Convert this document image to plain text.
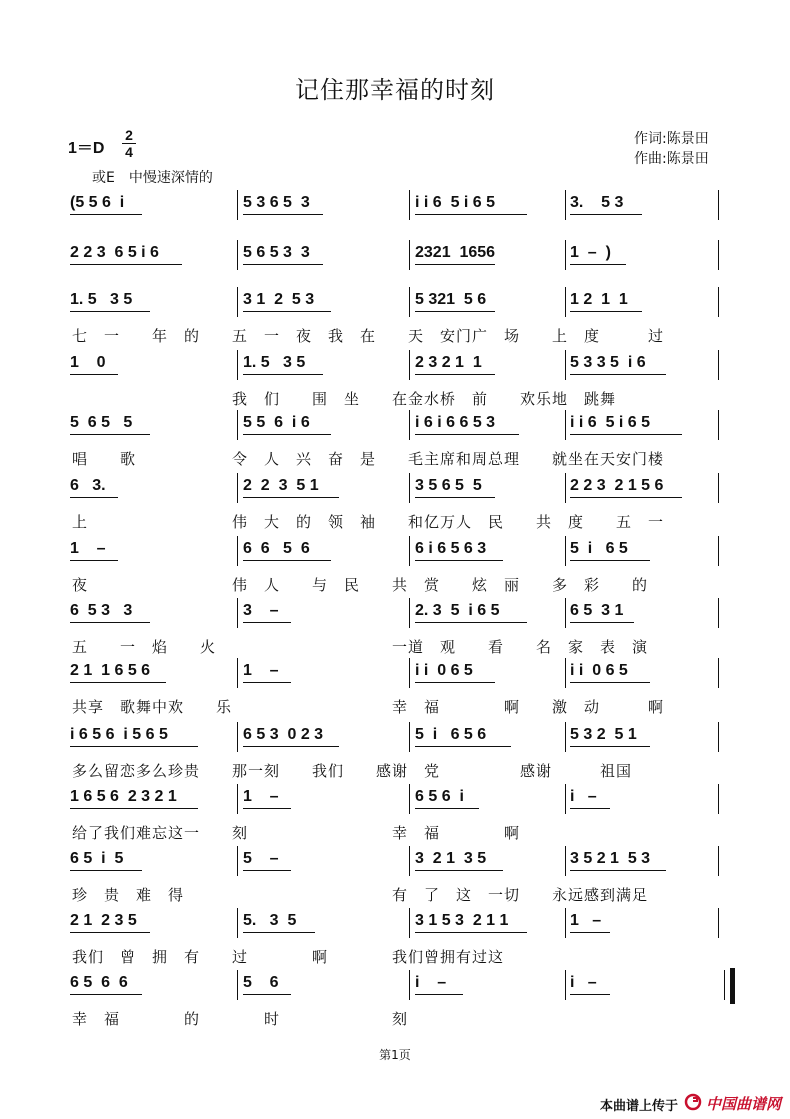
记住那幸福的时刻
1＝D
2
4
作词:陈景田
作曲:陈景田
或E　中慢速深情的
(5 5 6  i	5 3 6 5  3	i i 6  5 i 6 5	3.    5 3
2 2 3  6 5 i 6	5 6 5 3  3	2321  1656	1  –  )
1. 5   3 5	3 1  2  5 3	5 321  5 6	1 2  1  1
1    0	1. 5   3 5	2 3 2 1  1	5 3 3 5  i 6
5  6 5   5	5 5  6  i 6	i 6 i 6 6 5 3	i i 6  5 i 6 5
6   3.	2  2  3  5 1	3 5 6 5  5	2 2 3  2 1 5 6
1    –	6  6   5  6	6 i 6 5 6 3	5  i   6 5
6  5 3   3	3    –	2. 3  5  i 6 5	6 5  3 1
2 1  1 6 5 6	1    –	i i  0 6 5	i i  0 6 5
i 6 5 6  i 5 6 5	6 5 3  0 2 3	5  i   6 5 6	5 3 2  5 1
1 6 5 6  2 3 2 1	1    –	6 5 6  i	i   –
6 5  i  5	5    –	3  2 1  3 5	3 5 2 1  5 3
2 1  2 3 5	5.   3  5	3 1 5 3  2 1 1	1   –
6 5  6  6	5    6	i    –	i   –
七　一　　年　的　　五　一　夜　我　在　　天　安门广　场　　上　度　　　过
　　　　　　　　　　我　们　　围　坐　　在金水桥　前　　欢乐地　跳舞
唱　　歌　　　　　　令　人　兴　奋　是　　毛主席和周总理　　就坐在天安门楼
上　　　　　　　　　伟　大　的　领　袖　　和亿万人　民　　共　度　　五　一
夜　　　　　　　　　伟　人　　与　民　　共　赏　　炫　丽　　多　彩　　的
五　　一　焰　　火　　　　　　　　　　　一道　观　　看　　名　家　表　演
共享　歌舞中欢　　乐　　　　　　　　　　幸　福　　　　啊　　激　动　　　啊
多么留恋多么珍贵　　那一刻　　我们　　感谢　党　　　　　感谢　　　祖国
给了我们难忘这一　　刻　　　　　　　　　幸　福　　　　啊
珍　贵　难　得　　　　　　　　　　　　　有　了　这　一切　　永远感到满足
我们　曾　拥　有　　过　　　　啊　　　　我们曾拥有过这
幸　福　　　　的　　　　时　　　　　　　刻
第1页
本曲谱上传于 中国曲谱网
